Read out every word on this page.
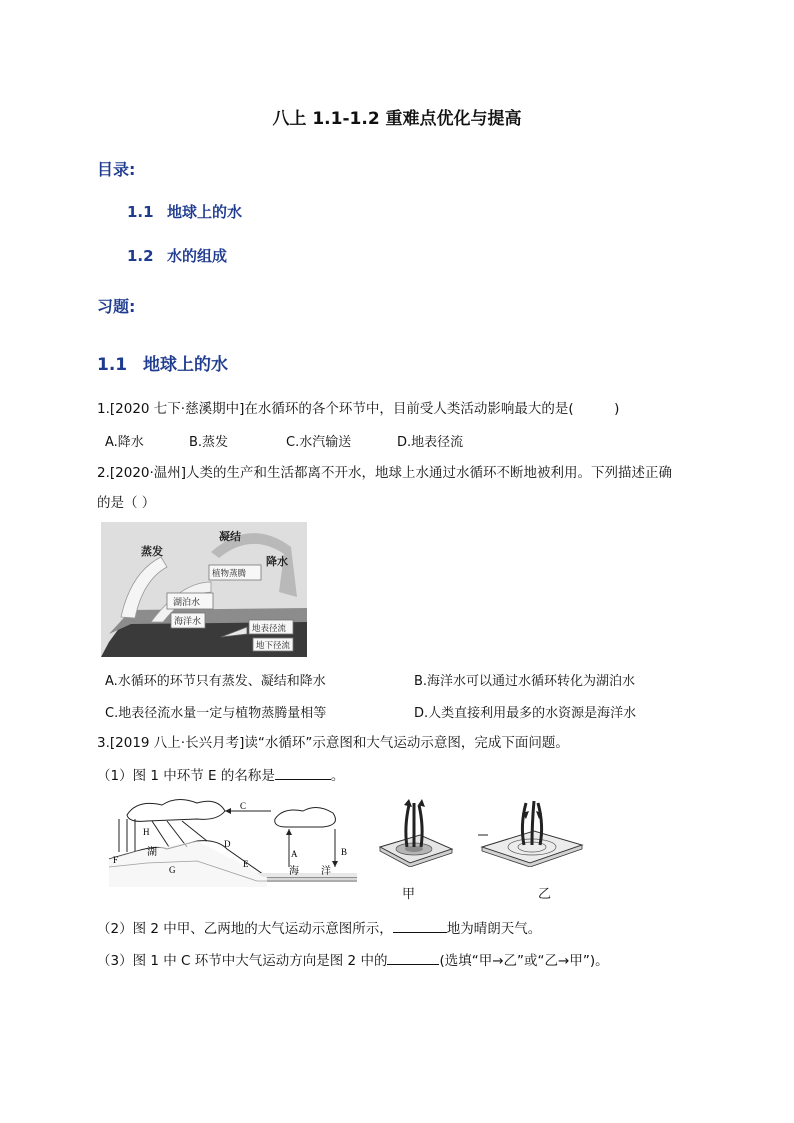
八上 1.1-1.2 重难点优化与提高
目录:
1.1 地球上的水
1.2 水的组成
习题:
1.1 地球上的水
1.[2020 七下·慈溪期中]在水循环的各个环节中，目前受人类活动影响最大的是(　　　)
A.降水	B.蒸发	C.水汽输送	D.地表径流
2.[2020·温州]人类的生产和生活都离不开水，地球上水通过水循环不断地被利用。下列描述正确
的是（ ）
凝结
蒸发
降水
植物蒸腾
湖泊水
海洋水
地表径流
地下径流
A.水循环的环节只有蒸发、凝结和降水	B.海洋水可以通过水循环转化为湖泊水
C.地表径流水量一定与植物蒸腾量相等	D.人类直接利用最多的水资源是海洋水
3.[2019 八上·长兴月考]读“水循环”示意图和大气运动示意图，完成下面问题。
（1）图 1 中环节 E 的名称是	。
C
H
D
A	B
E
F
G
湖
海 洋
甲	乙
（2）图 2 中甲、乙两地的大气运动示意图所示，	地为晴朗天气。
（3）图 1 中 C 环节中大气运动方向是图 2 中的	(选填“甲→乙”或“乙→甲”)。
